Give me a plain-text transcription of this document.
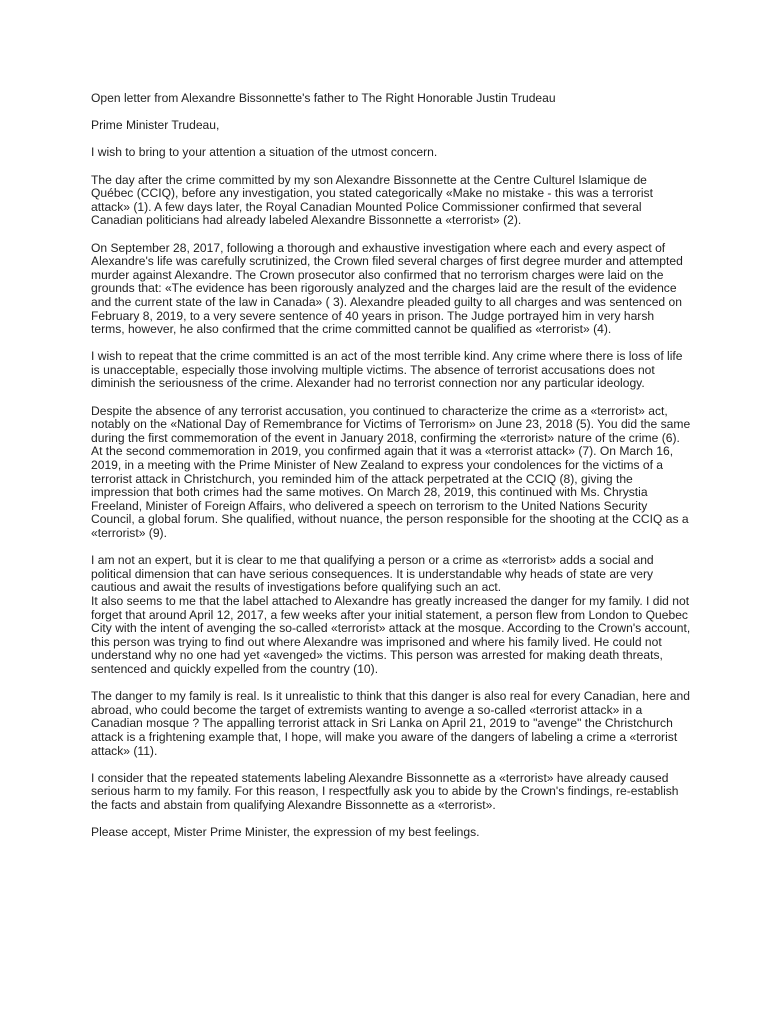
Open letter from Alexandre Bissonnette's father to The Right Honorable Justin Trudeau

Prime Minister Trudeau,

I wish to bring to your attention a situation of the utmost concern.

The day after the crime committed by my son Alexandre Bissonnette at the Centre Culturel Islamique de Québec (CCIQ), before any investigation, you stated categorically «Make no mistake - this was a terrorist attack» (1). A few days later, the Royal Canadian Mounted Police Commissioner confirmed that several Canadian politicians had already labeled Alexandre Bissonnette a «terrorist» (2).

On September 28, 2017, following a thorough and exhaustive investigation where each and every aspect of Alexandre's life was carefully scrutinized, the Crown filed several charges of first degree murder and attempted murder against Alexandre. The Crown prosecutor also confirmed that no terrorism charges were laid on the grounds that: «The evidence has been rigorously analyzed and the charges laid are the result of the evidence and the current state of the law in Canada» ( 3). Alexandre pleaded guilty to all charges and was sentenced on February 8, 2019, to a very severe sentence of 40 years in prison. The Judge portrayed him in very harsh terms, however, he also confirmed that the crime committed cannot be qualified as «terrorist» (4).

I wish to repeat that the crime committed is an act of the most terrible kind. Any crime where there is loss of life is unacceptable, especially those involving multiple victims. The absence of terrorist accusations does not diminish the seriousness of the crime. Alexander had no terrorist connection nor any particular ideology.

Despite the absence of any terrorist accusation, you continued to characterize the crime as a «terrorist» act, notably on the «National Day of Remembrance for Victims of Terrorism» on June 23, 2018 (5). You did the same during the first commemoration of the event in January 2018, confirming the «terrorist» nature of the crime (6). At the second commemoration in 2019, you confirmed again that it was a «terrorist attack» (7). On March 16, 2019, in a meeting with the Prime Minister of New Zealand to express your condolences for the victims of a terrorist attack in Christchurch, you reminded him of the attack perpetrated at the CCIQ (8), giving the impression that both crimes had the same motives. On March 28, 2019, this continued with Ms. Chrystia Freeland, Minister of Foreign Affairs, who delivered a speech on terrorism to the United Nations Security Council, a global forum. She qualified, without nuance, the person responsible for the shooting at the CCIQ as a «terrorist» (9).

I am not an expert, but it is clear to me that qualifying a person or a crime as «terrorist» adds a social and political dimension that can have serious consequences. It is understandable why heads of state are very cautious and await the results of investigations before qualifying such an act.

It also seems to me that the label attached to Alexandre has greatly increased the danger for my family. I did not forget that around April 12, 2017, a few weeks after your initial statement, a person flew from London to Quebec City with the intent of avenging the so-called «terrorist» attack at the mosque. According to the Crown's account, this person was trying to find out where Alexandre was imprisoned and where his family lived. He could not understand why no one had yet «avenged» the victims. This person was arrested for making death threats, sentenced and quickly expelled from the country (10).

The danger to my family is real. Is it unrealistic to think that this danger is also real for every Canadian, here and abroad, who could become the target of extremists wanting to avenge a so-called «terrorist attack» in a Canadian mosque ? The appalling terrorist attack in Sri Lanka on April 21, 2019 to "avenge" the Christchurch attack is a frightening example that, I hope, will make you aware of the dangers of labeling a crime a «terrorist attack» (11).

I consider that the repeated statements labeling Alexandre Bissonnette as a «terrorist» have already caused serious harm to my family. For this reason, I respectfully ask you to abide by the Crown's findings, re-establish the facts and abstain from qualifying Alexandre Bissonnette as a «terrorist».

Please accept, Mister Prime Minister, the expression of my best feelings.
